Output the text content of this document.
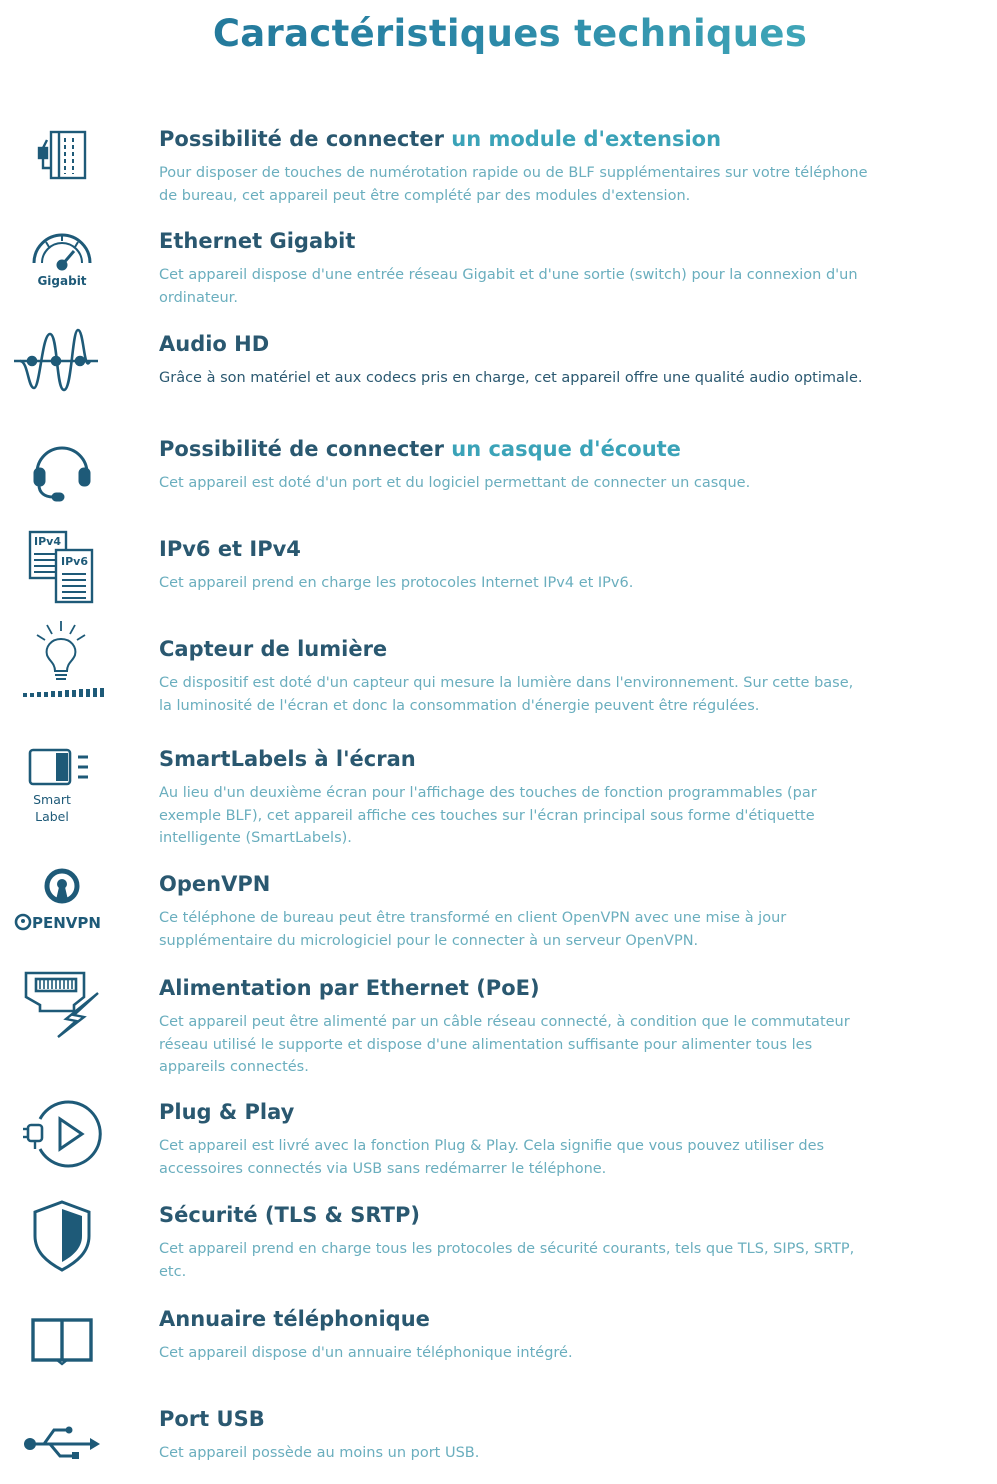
Caractéristiques techniques
Possibilité de connecter un module d'extension

Pour disposer de touches de numérotation rapide ou de BLF supplémentaires sur votre téléphone de bureau, cet appareil peut être complété par des modules d'extension.

Gigabit
Ethernet Gigabit

Cet appareil dispose d'une entrée réseau Gigabit et d'une sortie (switch) pour la connexion d'un ordinateur.

Audio HD

Grâce à son matériel et aux codecs pris en charge, cet appareil offre une qualité audio optimale.

Possibilité de connecter un casque d'écoute

Cet appareil est doté d'un port et du logiciel permettant de connecter un casque.

IPv4
IPv6
IPv6 et IPv4

Cet appareil prend en charge les protocoles Internet IPv4 et IPv6.

Capteur de lumière

Ce dispositif est doté d'un capteur qui mesure la lumière dans l'environnement. Sur cette base, la luminosité de l'écran et donc la consommation d'énergie peuvent être régulées.

Smart
Label
SmartLabels à l'écran

Au lieu d'un deuxième écran pour l'affichage des touches de fonction programmables (par exemple BLF), cet appareil affiche ces touches sur l'écran principal sous forme d'étiquette intelligente (SmartLabels).

PENVPN
OpenVPN

Ce téléphone de bureau peut être transformé en client OpenVPN avec une mise à jour supplémentaire du micrologiciel pour le connecter à un serveur OpenVPN.

Alimentation par Ethernet (PoE)

Cet appareil peut être alimenté par un câble réseau connecté, à condition que le commutateur réseau utilisé le supporte et dispose d'une alimentation suffisante pour alimenter tous les appareils connectés.

Plug & Play

Cet appareil est livré avec la fonction Plug & Play. Cela signifie que vous pouvez utiliser des accessoires connectés via USB sans redémarrer le téléphone.

Sécurité (TLS & SRTP)

Cet appareil prend en charge tous les protocoles de sécurité courants, tels que TLS, SIPS, SRTP, etc.

Annuaire téléphonique

Cet appareil dispose d'un annuaire téléphonique intégré.

Port USB

Cet appareil possède au moins un port USB.
